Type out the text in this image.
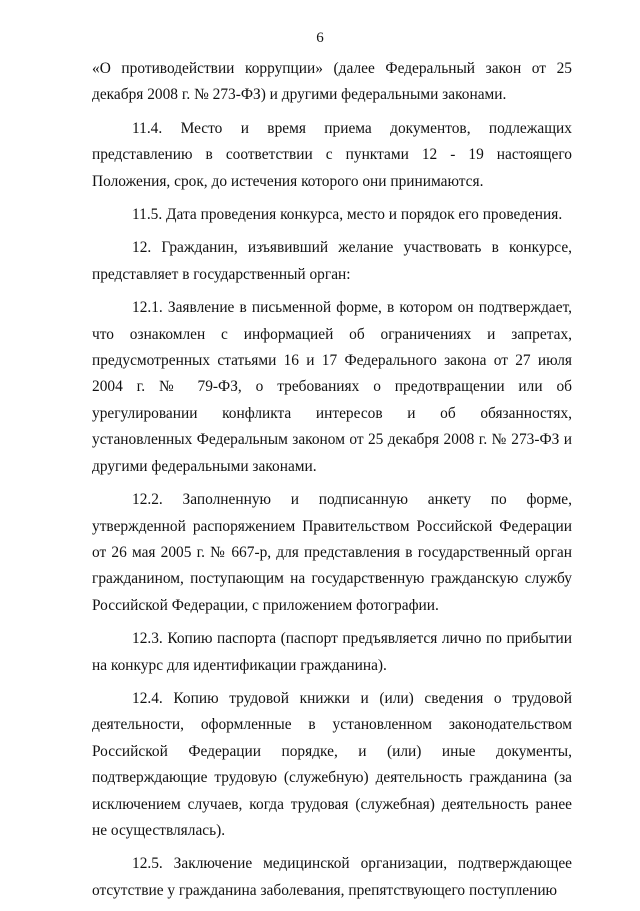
6

«О противодействии коррупции» (далее Федеральный закон от 25 декабря 2008 г. № 273-ФЗ) и другими федеральными законами.

11.4. Место и время приема документов, подлежащих представлению в соответствии с пунктами 12 - 19 настоящего Положения, срок, до истечения которого они принимаются.

11.5. Дата проведения конкурса, место и порядок его проведения.

12. Гражданин, изъявивший желание участвовать в конкурсе, представляет в государственный орган:

12.1. Заявление в письменной форме, в котором он подтверждает, что ознакомлен с информацией об ограничениях и запретах, предусмотренных статьями 16 и 17 Федерального закона от 27 июля 2004 г. № 79-ФЗ, о требованиях о предотвращении или об урегулировании конфликта интересов и об обязанностях, установленных Федеральным законом от 25 декабря 2008 г. № 273-ФЗ и другими федеральными законами.

12.2. Заполненную и подписанную анкету по форме, утвержденной распоряжением Правительством Российской Федерации от 26 мая 2005 г. № 667-р, для представления в государственный орган гражданином, поступающим на государственную гражданскую службу Российской Федерации, с приложением фотографии.

12.3. Копию паспорта (паспорт предъявляется лично по прибытии на конкурс для идентификации гражданина).

12.4. Копию трудовой книжки и (или) сведения о трудовой деятельности, оформленные в установленном законодательством Российской Федерации порядке, и (или) иные документы, подтверждающие трудовую (служебную) деятельность гражданина (за исключением случаев, когда трудовая (служебная) деятельность ранее не осуществлялась).

12.5. Заключение медицинской организации, подтверждающее отсутствие у гражданина заболевания, препятствующего поступлению
